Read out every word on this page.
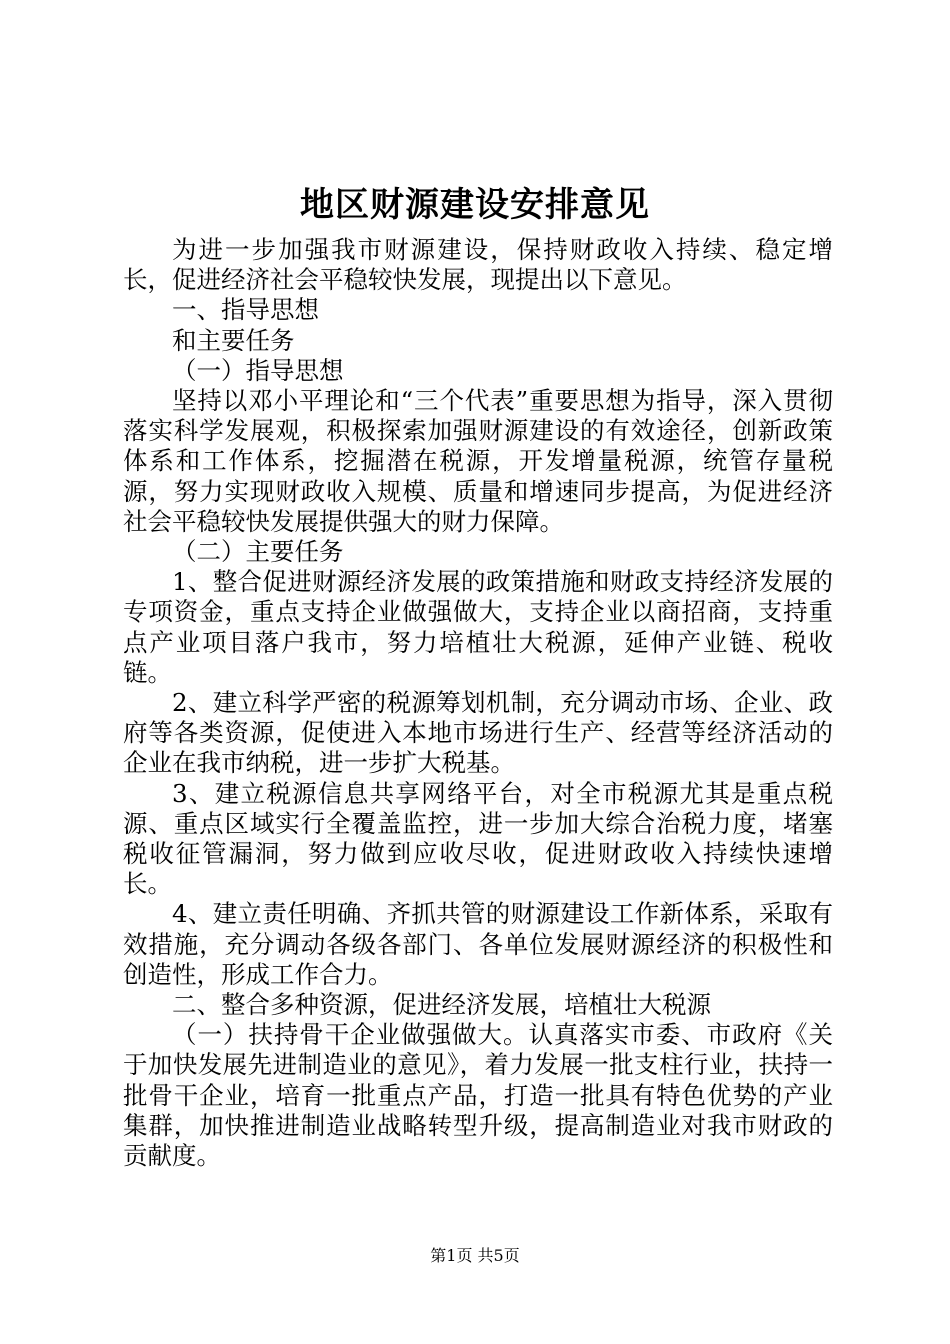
地区财源建设安排意见

为进一步加强我市财源建设，保持财政收入持续、稳定增长，促进经济社会平稳较快发展，现提出以下意见。

一、指导思想

和主要任务

（一）指导思想

坚持以邓小平理论和“三个代表”重要思想为指导，深入贯彻落实科学发展观，积极探索加强财源建设的有效途径，创新政策体系和工作体系，挖掘潜在税源，开发增量税源，统管存量税源，努力实现财政收入规模、质量和增速同步提高，为促进经济社会平稳较快发展提供强大的财力保障。

（二）主要任务

1、整合促进财源经济发展的政策措施和财政支持经济发展的专项资金，重点支持企业做强做大，支持企业以商招商，支持重点产业项目落户我市，努力培植壮大税源，延伸产业链、税收链。

2、建立科学严密的税源筹划机制，充分调动市场、企业、政府等各类资源，促使进入本地市场进行生产、经营等经济活动的企业在我市纳税，进一步扩大税基。

3、建立税源信息共享网络平台，对全市税源尤其是重点税源、重点区域实行全覆盖监控，进一步加大综合治税力度，堵塞税收征管漏洞，努力做到应收尽收，促进财政收入持续快速增长。

4、建立责任明确、齐抓共管的财源建设工作新体系，采取有效措施，充分调动各级各部门、各单位发展财源经济的积极性和创造性，形成工作合力。

二、整合多种资源，促进经济发展，培植壮大税源

（一）扶持骨干企业做强做大。认真落实市委、市政府《关于加快发展先进制造业的意见》，着力发展一批支柱行业，扶持一批骨干企业，培育一批重点产品，打造一批具有特色优势的产业集群，加快推进制造业战略转型升级，提高制造业对我市财政的贡献度。

第1页 共5页
